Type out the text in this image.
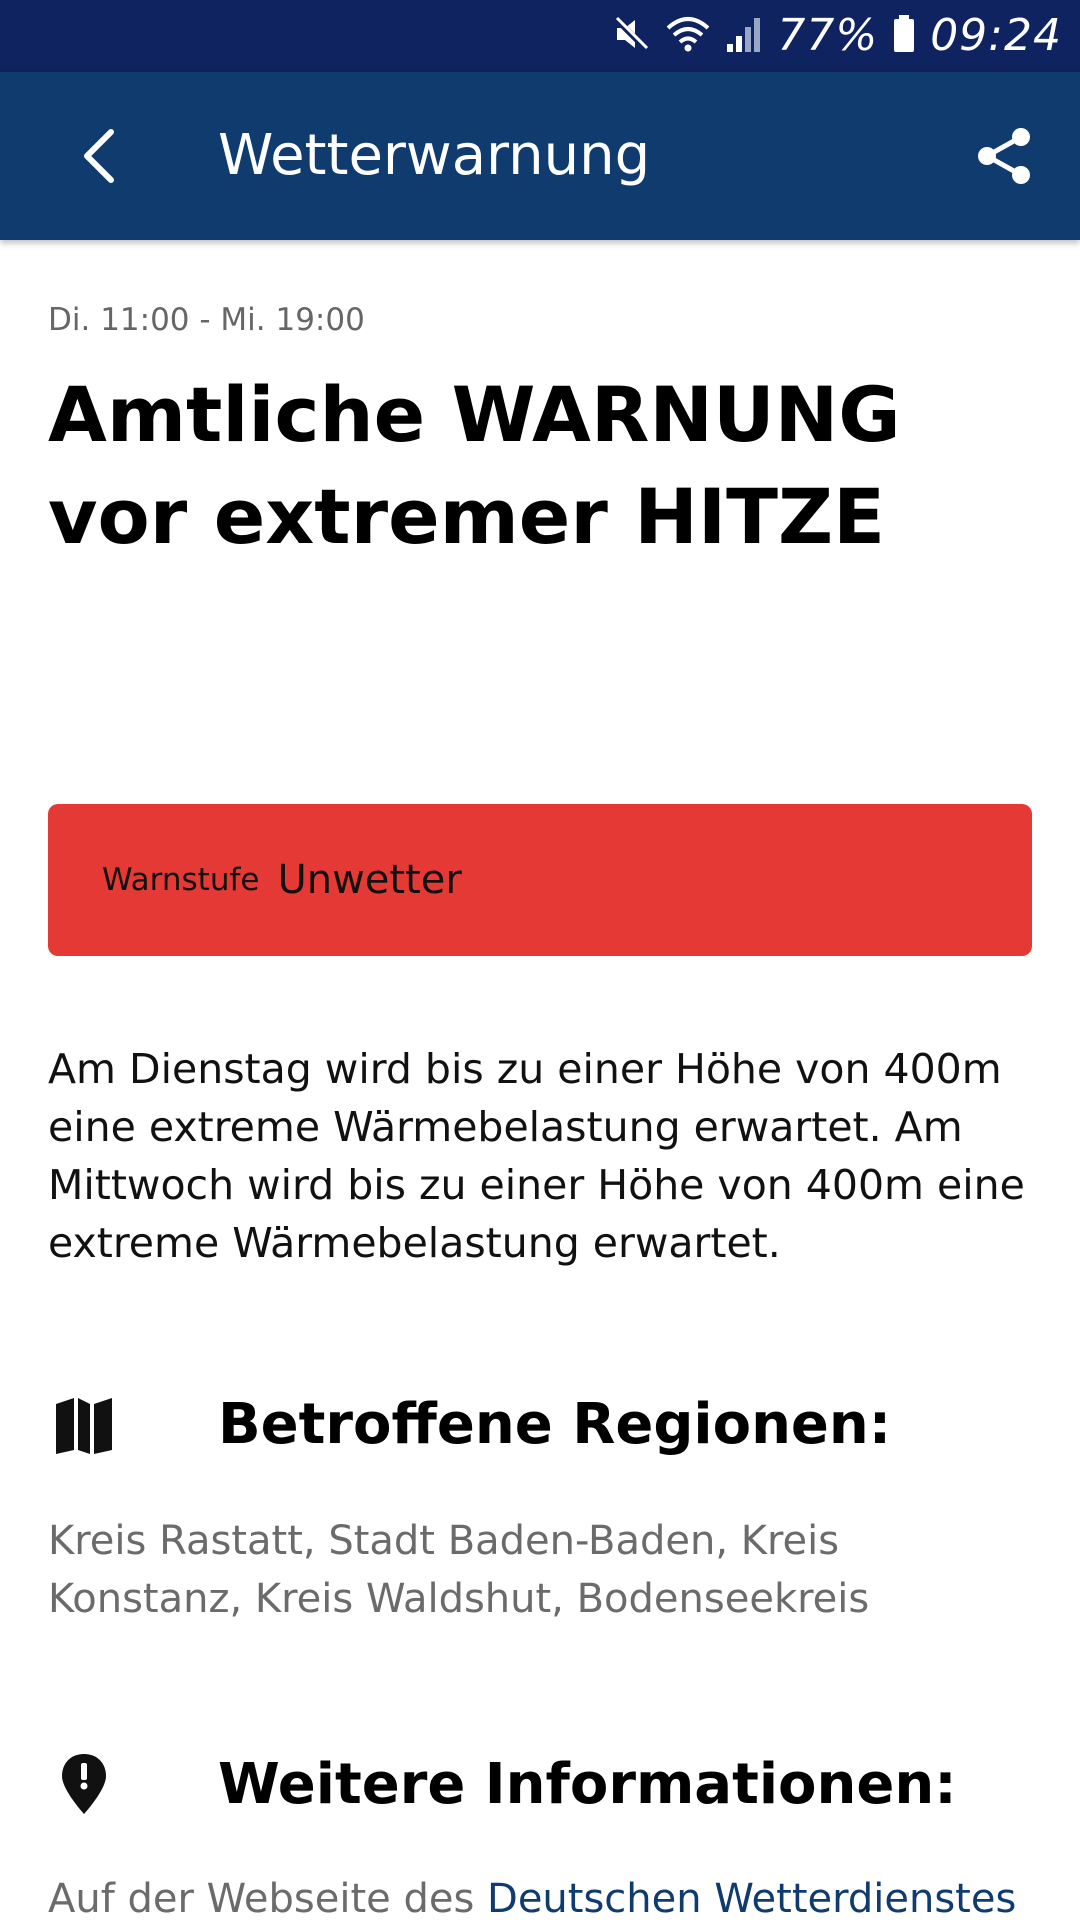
77% 09:24
Wetterwarnung
Di. 11:00 - Mi. 19:00
Amtliche WARNUNG vor extremer HITZE
Warnstufe Unwetter

Am Dienstag wird bis zu einer Höhe von 400m eine extreme Wärmebelastung erwartet. Am Mittwoch wird bis zu einer Höhe von 400m eine extreme Wärmebelastung erwartet.

Betroffene Regionen:

Kreis Rastatt, Stadt Baden-Baden, Kreis Konstanz, Kreis Waldshut, Bodenseekreis

Weitere Informationen:

Auf der Webseite des Deutschen Wetterdienstes
